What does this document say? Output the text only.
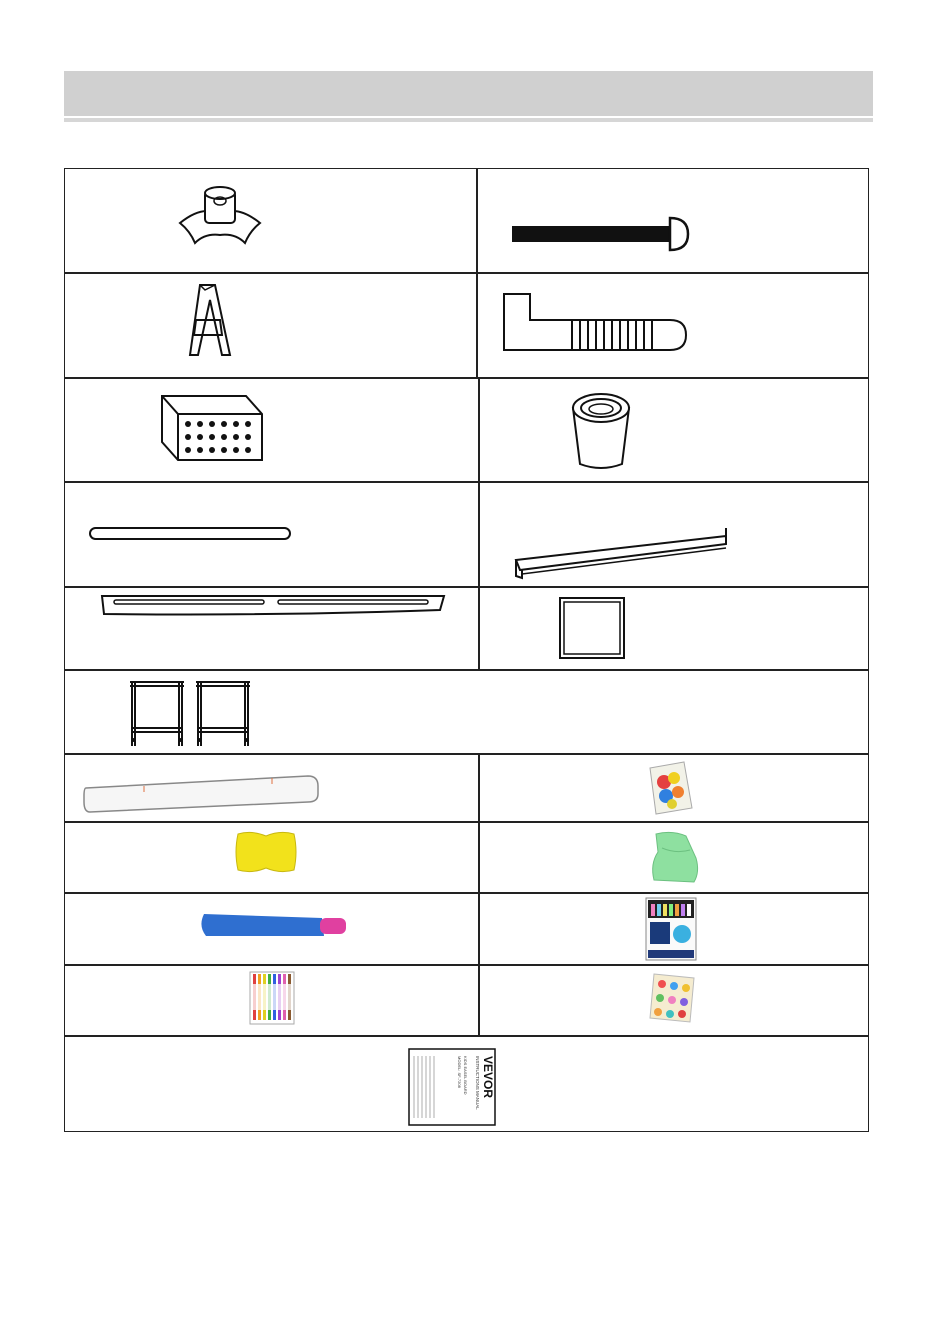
VEVOR
INSTRUCTIONS MANUAL
KIDS EASEL BOARD
MODEL: SF-7208
